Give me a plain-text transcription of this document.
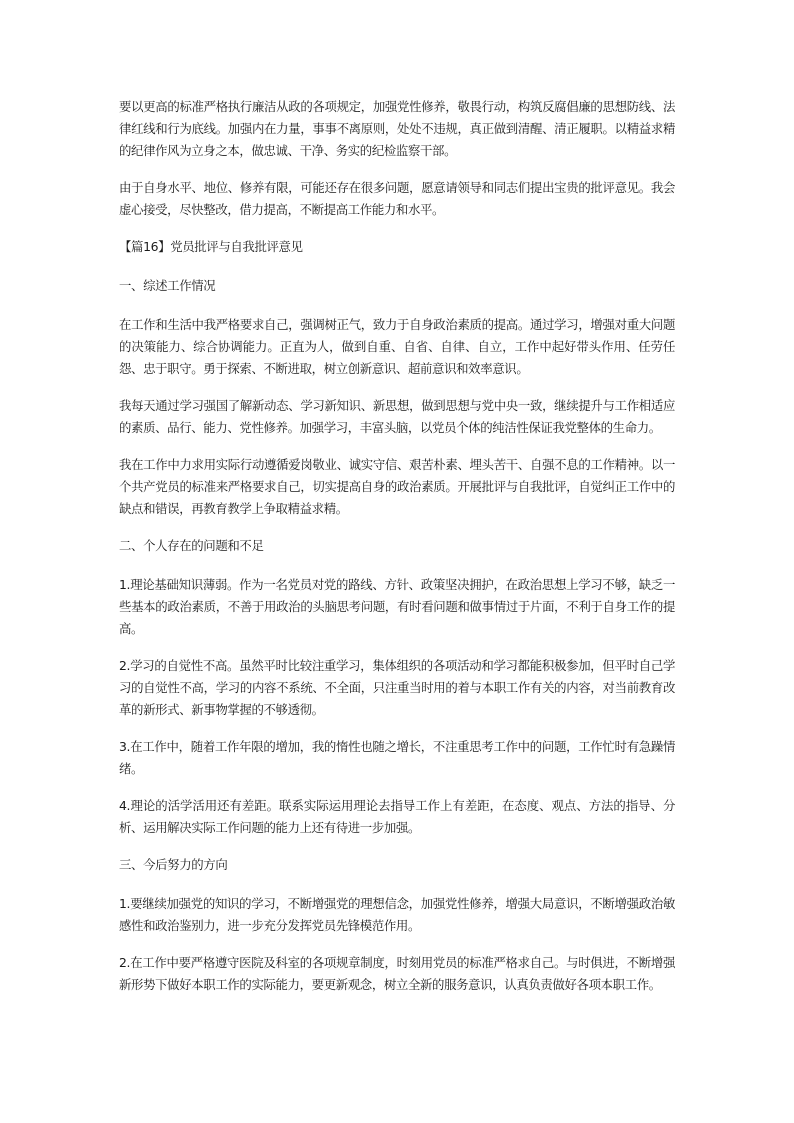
要以更高的标准严格执行廉洁从政的各项规定，加强党性修养，敬畏行动，构筑反腐倡廉的思想防线、法律红线和行为底线。加强内在力量，事事不离原则，处处不违规，真正做到清醒、清正履职。以精益求精的纪律作风为立身之本，做忠诚、干净、务实的纪检监察干部。

由于自身水平、地位、修养有限，可能还存在很多问题，愿意请领导和同志们提出宝贵的批评意见。我会虚心接受，尽快整改，借力提高，不断提高工作能力和水平。

【篇16】党员批评与自我批评意见

一、综述工作情况

在工作和生活中我严格要求自己，强调树正气，致力于自身政治素质的提高。通过学习，增强对重大问题的决策能力、综合协调能力。正直为人，做到自重、自省、自律、自立，工作中起好带头作用、任劳任怨、忠于职守。勇于探索、不断进取，树立创新意识、超前意识和效率意识。

我每天通过学习强国了解新动态、学习新知识、新思想，做到思想与党中央一致，继续提升与工作相适应的素质、品行、能力、党性修养。加强学习，丰富头脑，以党员个体的纯洁性保证我党整体的生命力。

我在工作中力求用实际行动遵循爱岗敬业、诚实守信、艰苦朴素、埋头苦干、自强不息的工作精神。以一个共产党员的标准来严格要求自己，切实提高自身的政治素质。开展批评与自我批评，自觉纠正工作中的缺点和错误，再教育教学上争取精益求精。

二、个人存在的问题和不足

1.理论基础知识薄弱。作为一名党员对党的路线、方针、政策坚决拥护，在政治思想上学习不够，缺乏一些基本的政治素质，不善于用政治的头脑思考问题，有时看问题和做事情过于片面，不利于自身工作的提高。

2.学习的自觉性不高。虽然平时比较注重学习，集体组织的各项活动和学习都能积极参加，但平时自己学习的自觉性不高，学习的内容不系统、不全面，只注重当时用的着与本职工作有关的内容，对当前教育改革的新形式、新事物掌握的不够透彻。

3.在工作中，随着工作年限的增加，我的惰性也随之增长，不注重思考工作中的问题，工作忙时有急躁情绪。

4.理论的活学活用还有差距。联系实际运用理论去指导工作上有差距，在态度、观点、方法的指导、分析、运用解决实际工作问题的能力上还有待进一步加强。

三、今后努力的方向

1.要继续加强党的知识的学习，不断增强党的理想信念，加强党性修养，增强大局意识，不断增强政治敏感性和政治鉴别力，进一步充分发挥党员先锋模范作用。

2.在工作中要严格遵守医院及科室的各项规章制度，时刻用党员的标准严格求自己。与时俱进，不断增强新形势下做好本职工作的实际能力，要更新观念，树立全新的服务意识，认真负责做好各项本职工作。
